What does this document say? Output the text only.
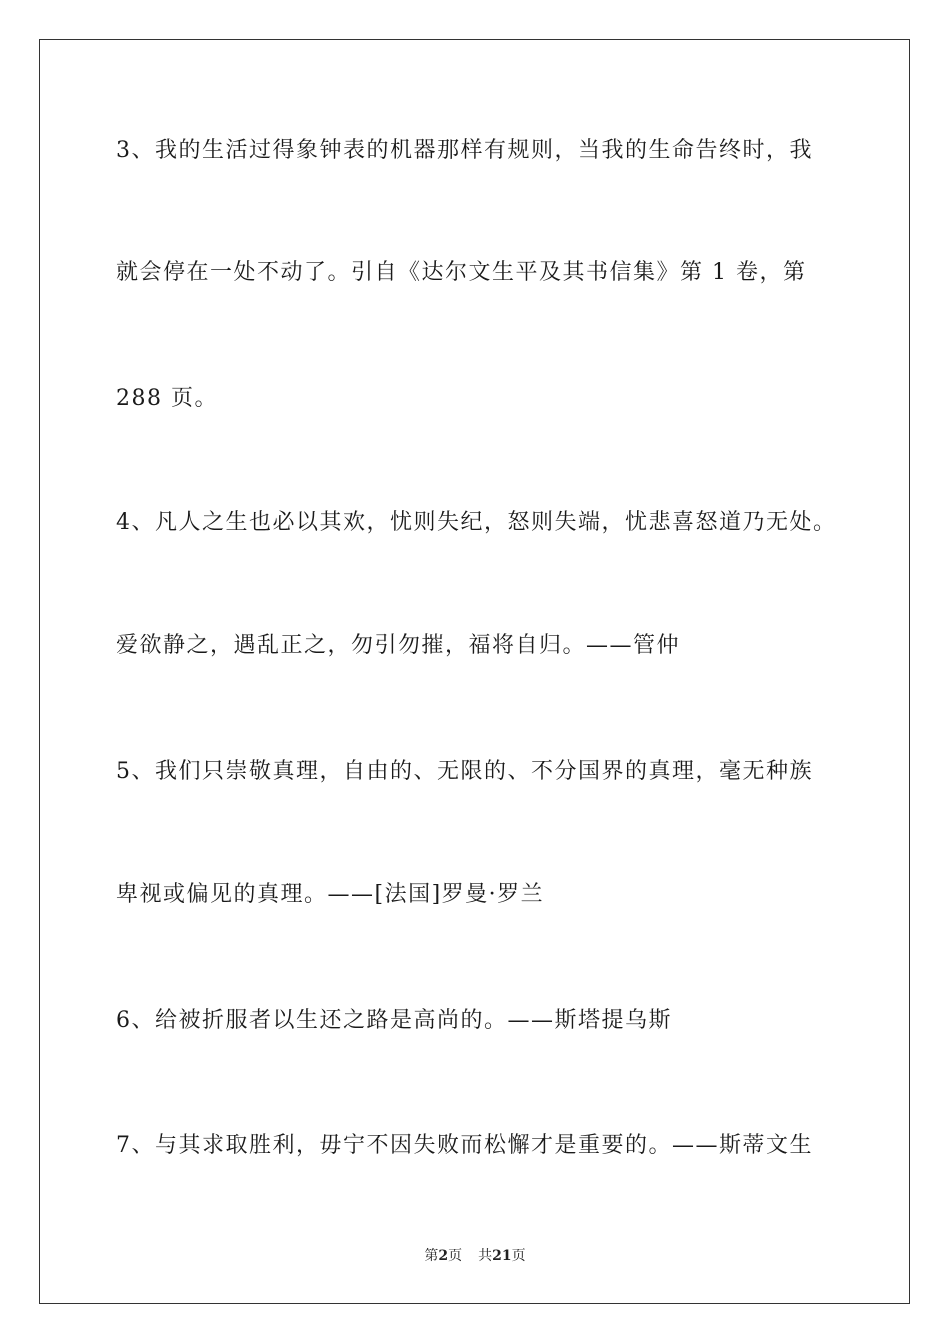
3、我的生活过得象钟表的机器那样有规则，当我的生命告终时，我
就会停在一处不动了。引自《达尔文生平及其书信集》第 1 卷，第
288 页。
4、凡人之生也必以其欢，忧则失纪，怒则失端，忧悲喜怒道乃无处。
爱欲静之，遇乱正之，勿引勿摧，福将自归。——管仲
5、我们只崇敬真理，自由的、无限的、不分国界的真理，毫无种族
卑视或偏见的真理。——[法国]罗曼·罗兰
6、给被折服者以生还之路是高尚的。——斯塔提乌斯
7、与其求取胜利，毋宁不因失败而松懈才是重要的。——斯蒂文生
第2页 共21页
